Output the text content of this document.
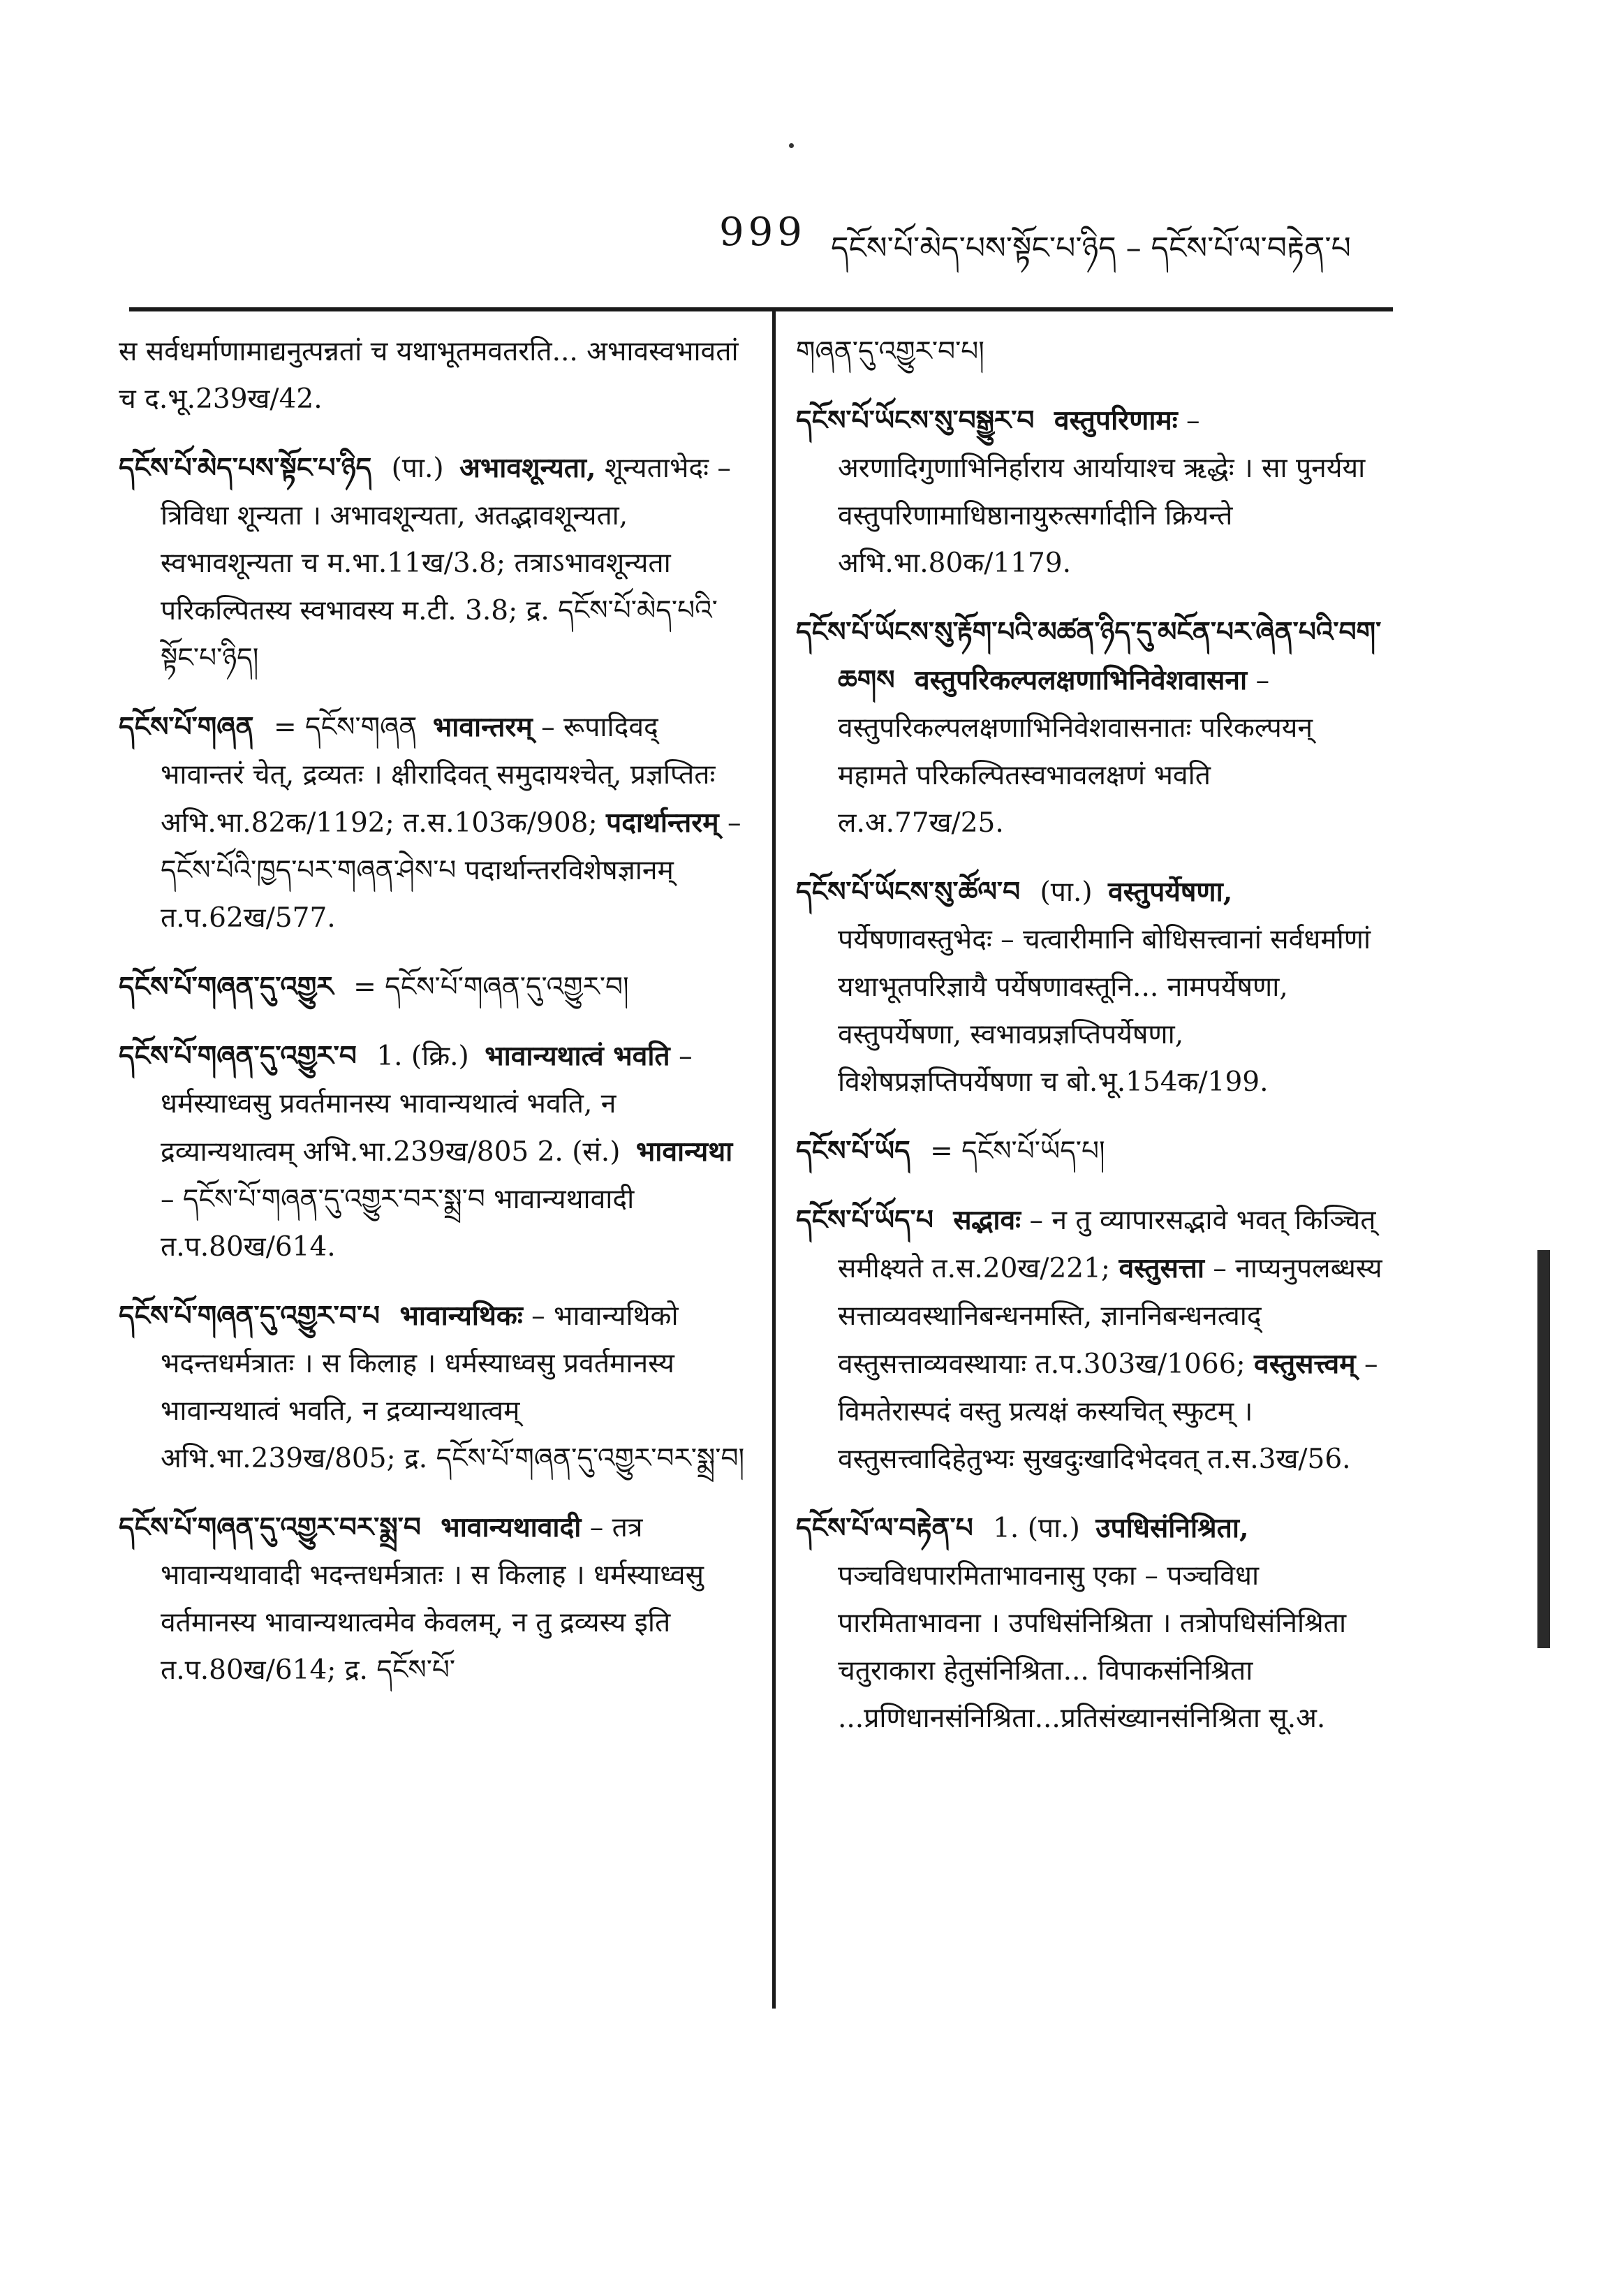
999 དངོས་པོ་མེད་པས་སྟོང་པ་ཉིད – དངོས་པོ་ལ་བརྟེན་པ
स सर्वधर्माणामाद्यनुत्पन्नतां च यथाभूतमवतरति... अभावस्वभावतां च द.भू.239ख/42.
དངོས་པོ་མེད་པས་སྟོང་པ་ཉིད (पा.) अभावशून्यता, शून्यताभेदः – त्रिविधा शून्यता । अभावशून्यता, अतद्भावशून्यता, स्वभावशून्यता च म.भा.11ख/3.8; तत्राऽभावशून्यता परिकल्पितस्य स्वभावस्य म.टी. 3.8; द्र. དངོས་པོ་མེད་པའི་སྟོང་པ་ཉིད།
དངོས་པོ་གཞན = དངོས་གཞན भावान्तरम् – रूपादिवद् भावान्तरं चेत्, द्रव्यतः । क्षीरादिवत् समुदायश्चेत्, प्रज्ञप्तितः अभि.भा.82क/1192; त.स.103क/908; पदार्थान्तरम् – དངོས་པོའི་ཁྱད་པར་གཞན་ཤེས་པ पदार्थान्तरविशेषज्ञानम् त.प.62ख/577.
དངོས་པོ་གཞན་དུ་འགྱུར = དངོས་པོ་གཞན་དུ་འགྱུར་བ།
དངོས་པོ་གཞན་དུ་འགྱུར་བ 1. (क्रि.) भावान्यथात्वं भवति – धर्मस्याध्वसु प्रवर्तमानस्य भावान्यथात्वं भवति, न द्रव्यान्यथात्वम् अभि.भा.239ख/805 2. (सं.) भावान्यथा – དངོས་པོ་གཞན་དུ་འགྱུར་བར་སྨྲ་བ भावान्यथावादी त.प.80ख/614.
དངོས་པོ་གཞན་དུ་འགྱུར་བ་པ भावान्यथिकः – भावान्यथिको भदन्तधर्मत्रातः । स किलाह । धर्मस्याध्वसु प्रवर्तमानस्य भावान्यथात्वं भवति, न द्रव्यान्यथात्वम् अभि.भा.239ख/805; द्र. དངོས་པོ་གཞན་དུ་འགྱུར་བར་སྨྲ་བ།
དངོས་པོ་གཞན་དུ་འགྱུར་བར་སྨྲ་བ भावान्यथावादी – तत्र भावान्यथावादी भदन्तधर्मत्रातः । स किलाह । धर्मस्याध्वसु वर्तमानस्य भावान्यथात्वमेव केवलम्, न तु द्रव्यस्य इति त.प.80ख/614; द्र. དངོས་པོ་
གཞན་དུ་འགྱུར་བ་པ།
དངོས་པོ་ཡོངས་སུ་བསྒྱུར་བ वस्तुपरिणामः – अरणादिगुणाभिनिर्हाराय आर्यायाश्च ऋद्धेः । सा पुनर्यया वस्तुपरिणामाधिष्ठानायुरुत्सर्गादीनि क्रियन्ते अभि.भा.80क/1179.
དངོས་པོ་ཡོངས་སུ་རྟོག་པའི་མཚན་ཉིད་དུ་མངོན་པར་ཞེན་པའི་བག་ཆགས वस्तुपरिकल्पलक्षणाभिनिवेशवासना – वस्तुपरिकल्पलक्षणाभिनिवेशवासनातः परिकल्पयन् महामते परिकल्पितस्वभावलक्षणं भवति ल.अ.77ख/25.
དངོས་པོ་ཡོངས་སུ་ཚོལ་བ (पा.) वस्तुपर्येषणा, पर्येषणावस्तुभेदः – चत्वारीमानि बोधिसत्त्वानां सर्वधर्माणां यथाभूतपरिज्ञायै पर्येषणावस्तूनि... नामपर्येषणा, वस्तुपर्येषणा, स्वभावप्रज्ञप्तिपर्येषणा, विशेषप्रज्ञप्तिपर्येषणा च बो.भू.154क/199.
དངོས་པོ་ཡོད = དངོས་པོ་ཡོད་པ།
དངོས་པོ་ཡོད་པ सद्भावः – न तु व्यापारसद्भावे भवत् किञ्चित् समीक्ष्यते त.स.20ख/221; वस्तुसत्ता – नाप्यनुपलब्धस्य सत्ताव्यवस्थानिबन्धनमस्ति, ज्ञाननिबन्धनत्वाद् वस्तुसत्ताव्यवस्थायाः त.प.303ख/1066; वस्तुसत्त्वम् – विमतेरास्पदं वस्तु प्रत्यक्षं कस्यचित् स्फुटम् । वस्तुसत्त्वादिहेतुभ्यः सुखदुःखादिभेदवत् त.स.3ख/56.
དངོས་པོ་ལ་བརྟེན་པ 1. (पा.) उपधिसंनिश्रिता, पञ्चविधपारमिताभावनासु एका – पञ्चविधा पारमिताभावना । उपधिसंनिश्रिता । तत्रोपधिसंनिश्रिता चतुराकारा हेतुसंनिश्रिता... विपाकसंनिश्रिता ...प्रणिधानसंनिश्रिता...प्रतिसंख्यानसंनिश्रिता सू.अ.
